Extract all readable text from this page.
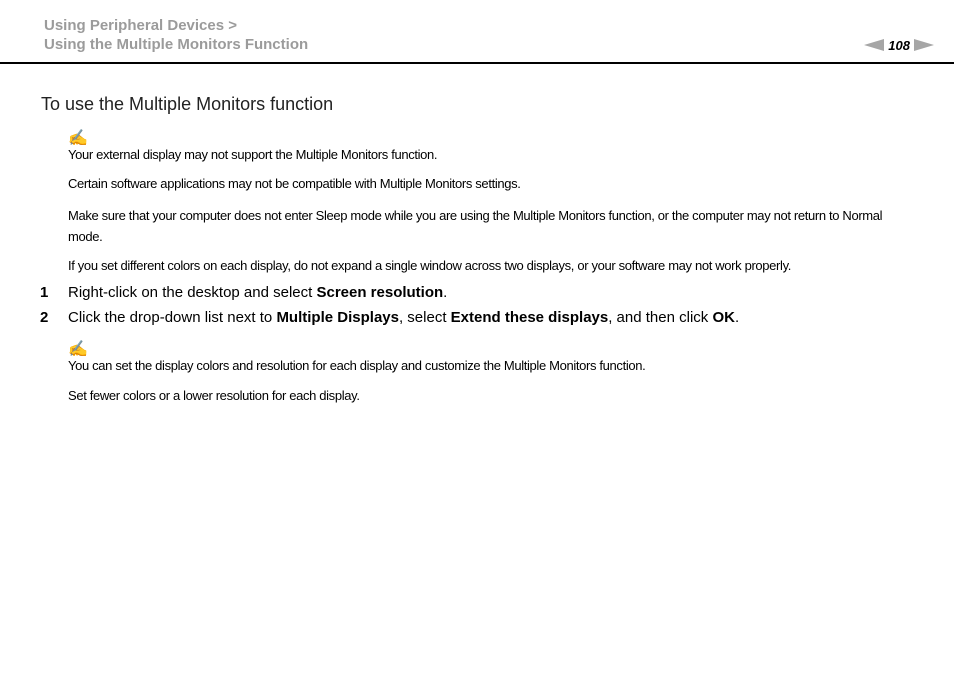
Using Peripheral Devices >
Using the Multiple Monitors Function	108
To use the Multiple Monitors function
✍
Your external display may not support the Multiple Monitors function.
Certain software applications may not be compatible with Multiple Monitors settings.
Make sure that your computer does not enter Sleep mode while you are using the Multiple Monitors function, or the computer may not return to Normal mode.
If you set different colors on each display, do not expand a single window across two displays, or your software may not work properly.
1 Right-click on the desktop and select Screen resolution.
2 Click the drop-down list next to Multiple Displays, select Extend these displays, and then click OK.
✍
You can set the display colors and resolution for each display and customize the Multiple Monitors function.
Set fewer colors or a lower resolution for each display.
